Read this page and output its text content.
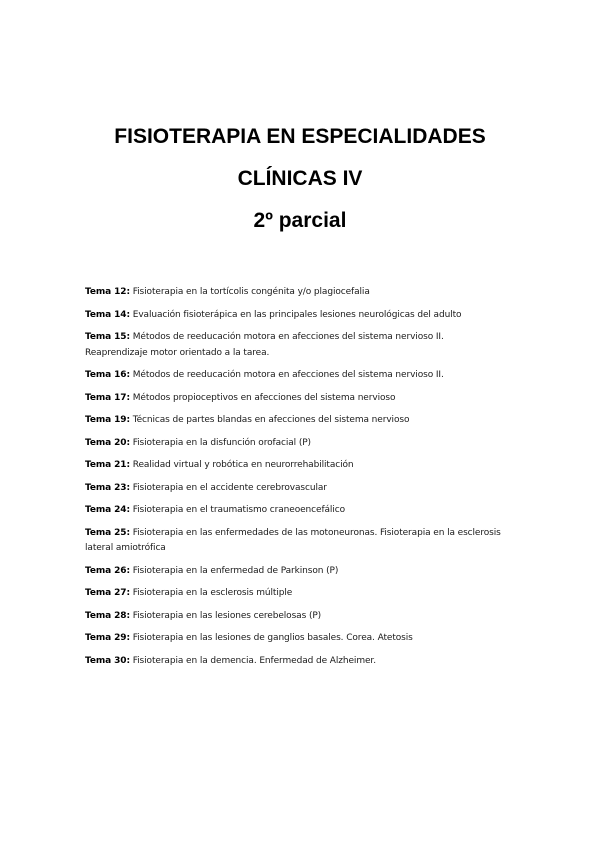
FISIOTERAPIA EN ESPECIALIDADES
CLÍNICAS IV
2º parcial
Tema 12: Fisioterapia en la tortícolis congénita y/o plagiocefalia
Tema 14: Evaluación fisioterápica en las principales lesiones neurológicas del adulto
Tema 15: Métodos de reeducación motora en afecciones del sistema nervioso II. Reaprendizaje motor orientado a la tarea.
Tema 16: Métodos de reeducación motora en afecciones del sistema nervioso II.
Tema 17: Métodos propioceptivos en afecciones del sistema nervioso
Tema 19: Técnicas de partes blandas en afecciones del sistema nervioso
Tema 20: Fisioterapia en la disfunción orofacial (P)
Tema 21: Realidad virtual y robótica en neurorrehabilitación
Tema 23: Fisioterapia en el accidente cerebrovascular
Tema 24: Fisioterapia en el traumatismo craneoencefálico
Tema 25: Fisioterapia en las enfermedades de las motoneuronas. Fisioterapia en la esclerosis lateral amiotrófica
Tema 26: Fisioterapia en la enfermedad de Parkinson (P)
Tema 27: Fisioterapia en la esclerosis múltiple
Tema 28: Fisioterapia en las lesiones cerebelosas (P)
Tema 29: Fisioterapia en las lesiones de ganglios basales. Corea. Atetosis
Tema 30: Fisioterapia en la demencia. Enfermedad de Alzheimer.
